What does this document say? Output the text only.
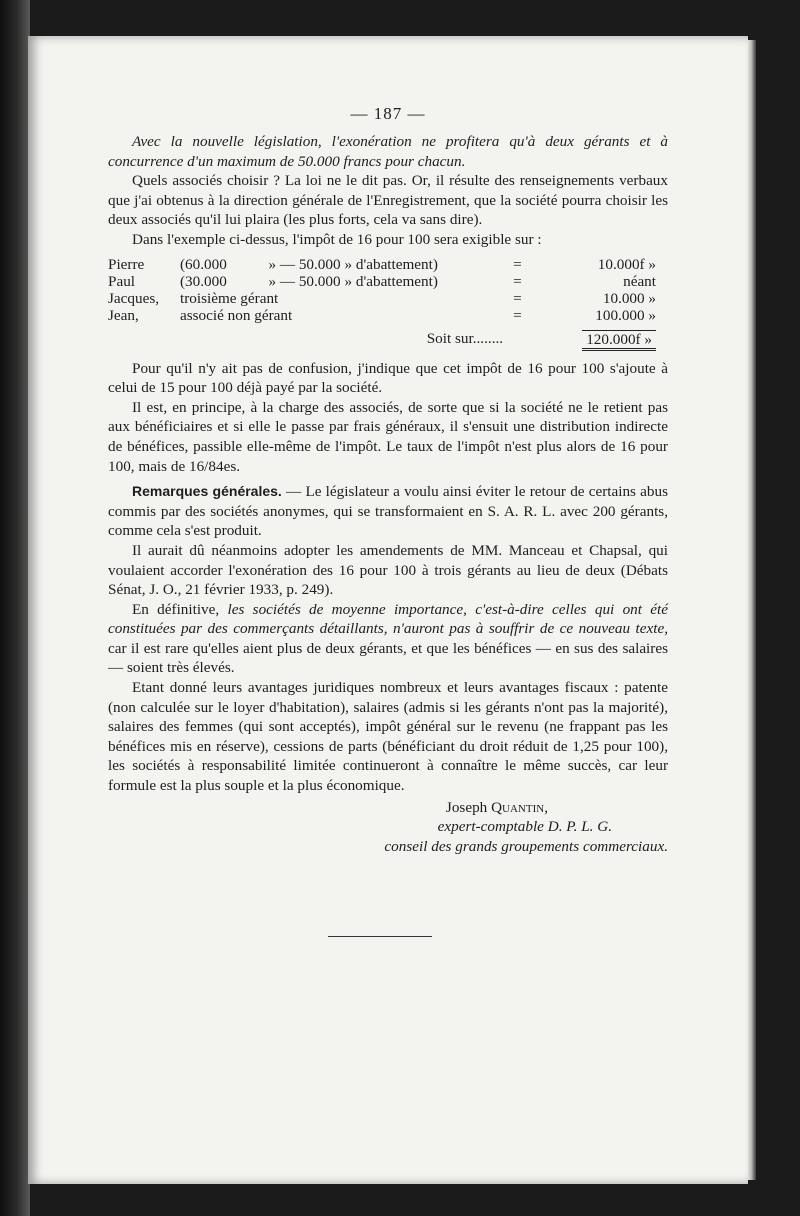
— 187 —

Avec la nouvelle législation, l'exonération ne profitera qu'à deux gérants et à concurrence d'un maximum de 50.000 francs pour chacun.

Quels associés choisir ? La loi ne le dit pas. Or, il résulte des renseignements verbaux que j'ai obtenus à la direction générale de l'Enregistrement, que la société pourra choisir les deux associés qu'il lui plaira (les plus forts, cela va sans dire).

Dans l'exemple ci-dessus, l'impôt de 16 pour 100 sera exigible sur :

Pierre	(60.000	» — 50.000	» d'abattement)	=	10.000f »
Paul	(30.000	» — 50.000	» d'abattement)	=	néant
Jacques,	troisième gérant			=	10.000 »
Jean,	associé non gérant			=	100.000 »
Soit sur........				120.000f »	

Pour qu'il n'y ait pas de confusion, j'indique que cet impôt de 16 pour 100 s'ajoute à celui de 15 pour 100 déjà payé par la société.

Il est, en principe, à la charge des associés, de sorte que si la société ne le retient pas aux bénéficiaires et si elle le passe par frais généraux, il s'ensuit une distribution indirecte de bénéfices, passible elle-même de l'impôt. Le taux de l'impôt n'est plus alors de 16 pour 100, mais de 16/84es.

Remarques générales. — Le législateur a voulu ainsi éviter le retour de certains abus commis par des sociétés anonymes, qui se transformaient en S. A. R. L. avec 200 gérants, comme cela s'est produit.

Il aurait dû néanmoins adopter les amendements de MM. Manceau et Chapsal, qui voulaient accorder l'exonération des 16 pour 100 à trois gérants au lieu de deux (Débats Sénat, J. O., 21 février 1933, p. 249).

En définitive, les sociétés de moyenne importance, c'est-à-dire celles qui ont été constituées par des commerçants détaillants, n'auront pas à souffrir de ce nouveau texte, car il est rare qu'elles aient plus de deux gérants, et que les bénéfices — en sus des salaires — soient très élevés.

Etant donné leurs avantages juridiques nombreux et leurs avantages fiscaux : patente (non calculée sur le loyer d'habitation), salaires (admis si les gérants n'ont pas la majorité), salaires des femmes (qui sont acceptés), impôt général sur le revenu (ne frappant pas les bénéfices mis en réserve), cessions de parts (bénéficiant du droit réduit de 1,25 pour 100), les sociétés à responsabilité limitée continueront à connaître le même succès, car leur formule est la plus souple et la plus économique.

Joseph Quantin,
expert-comptable D. P. L. G.
conseil des grands groupements commerciaux.
